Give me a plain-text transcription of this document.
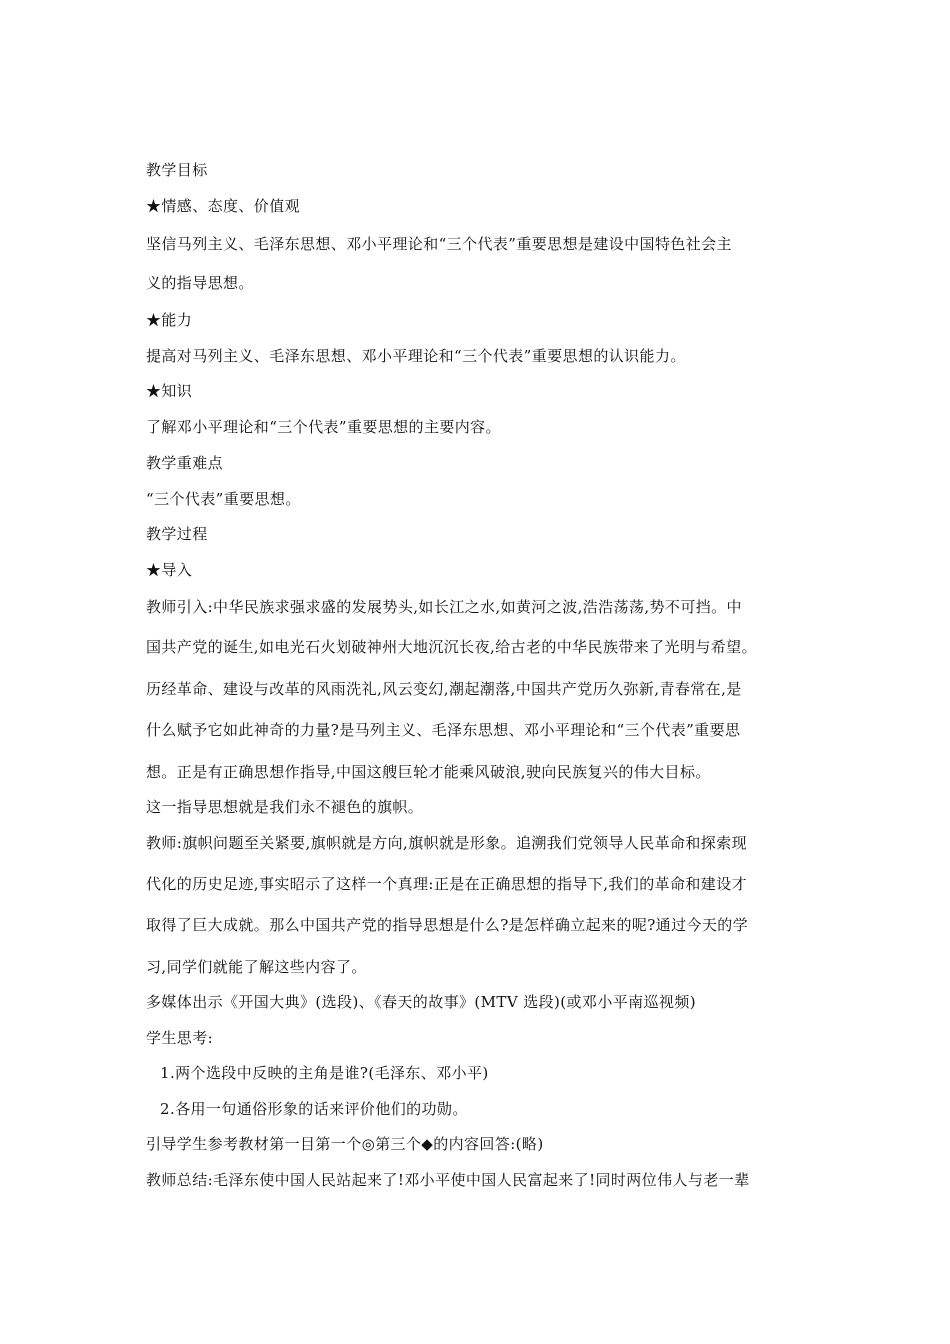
教学目标
★情感、态度、价值观
坚信马列主义、毛泽东思想、邓小平理论和“三个代表”重要思想是建设中国特色社会主
义的指导思想。
★能力
提高对马列主义、毛泽东思想、邓小平理论和“三个代表”重要思想的认识能力。
★知识
了解邓小平理论和“三个代表”重要思想的主要内容。
教学重难点
“三个代表”重要思想。
教学过程
★导入
教师引入:中华民族求强求盛的发展势头,如长江之水,如黄河之波,浩浩荡荡,势不可挡。中
国共产党的诞生,如电光石火划破神州大地沉沉长夜,给古老的中华民族带来了光明与希望。
历经革命、建设与改革的风雨洗礼,风云变幻,潮起潮落,中国共产党历久弥新,青春常在,是
什么赋予它如此神奇的力量?是马列主义、毛泽东思想、邓小平理论和“三个代表”重要思
想。正是有正确思想作指导,中国这艘巨轮才能乘风破浪,驶向民族复兴的伟大目标。
这一指导思想就是我们永不褪色的旗帜。
教师:旗帜问题至关紧要,旗帜就是方向,旗帜就是形象。追溯我们党领导人民革命和探索现
代化的历史足迹,事实昭示了这样一个真理:正是在正确思想的指导下,我们的革命和建设才
取得了巨大成就。那么中国共产党的指导思想是什么?是怎样确立起来的呢?通过今天的学
习,同学们就能了解这些内容了。
多媒体出示《开国大典》(选段)、《春天的故事》(MTV 选段)(或邓小平南巡视频)
学生思考:
1.两个选段中反映的主角是谁?(毛泽东、邓小平)
2.各用一句通俗形象的话来评价他们的功勋。
引导学生参考教材第一目第一个◎第三个◆的内容回答:(略)
教师总结:毛泽东使中国人民站起来了!邓小平使中国人民富起来了!同时两位伟人与老一辈
